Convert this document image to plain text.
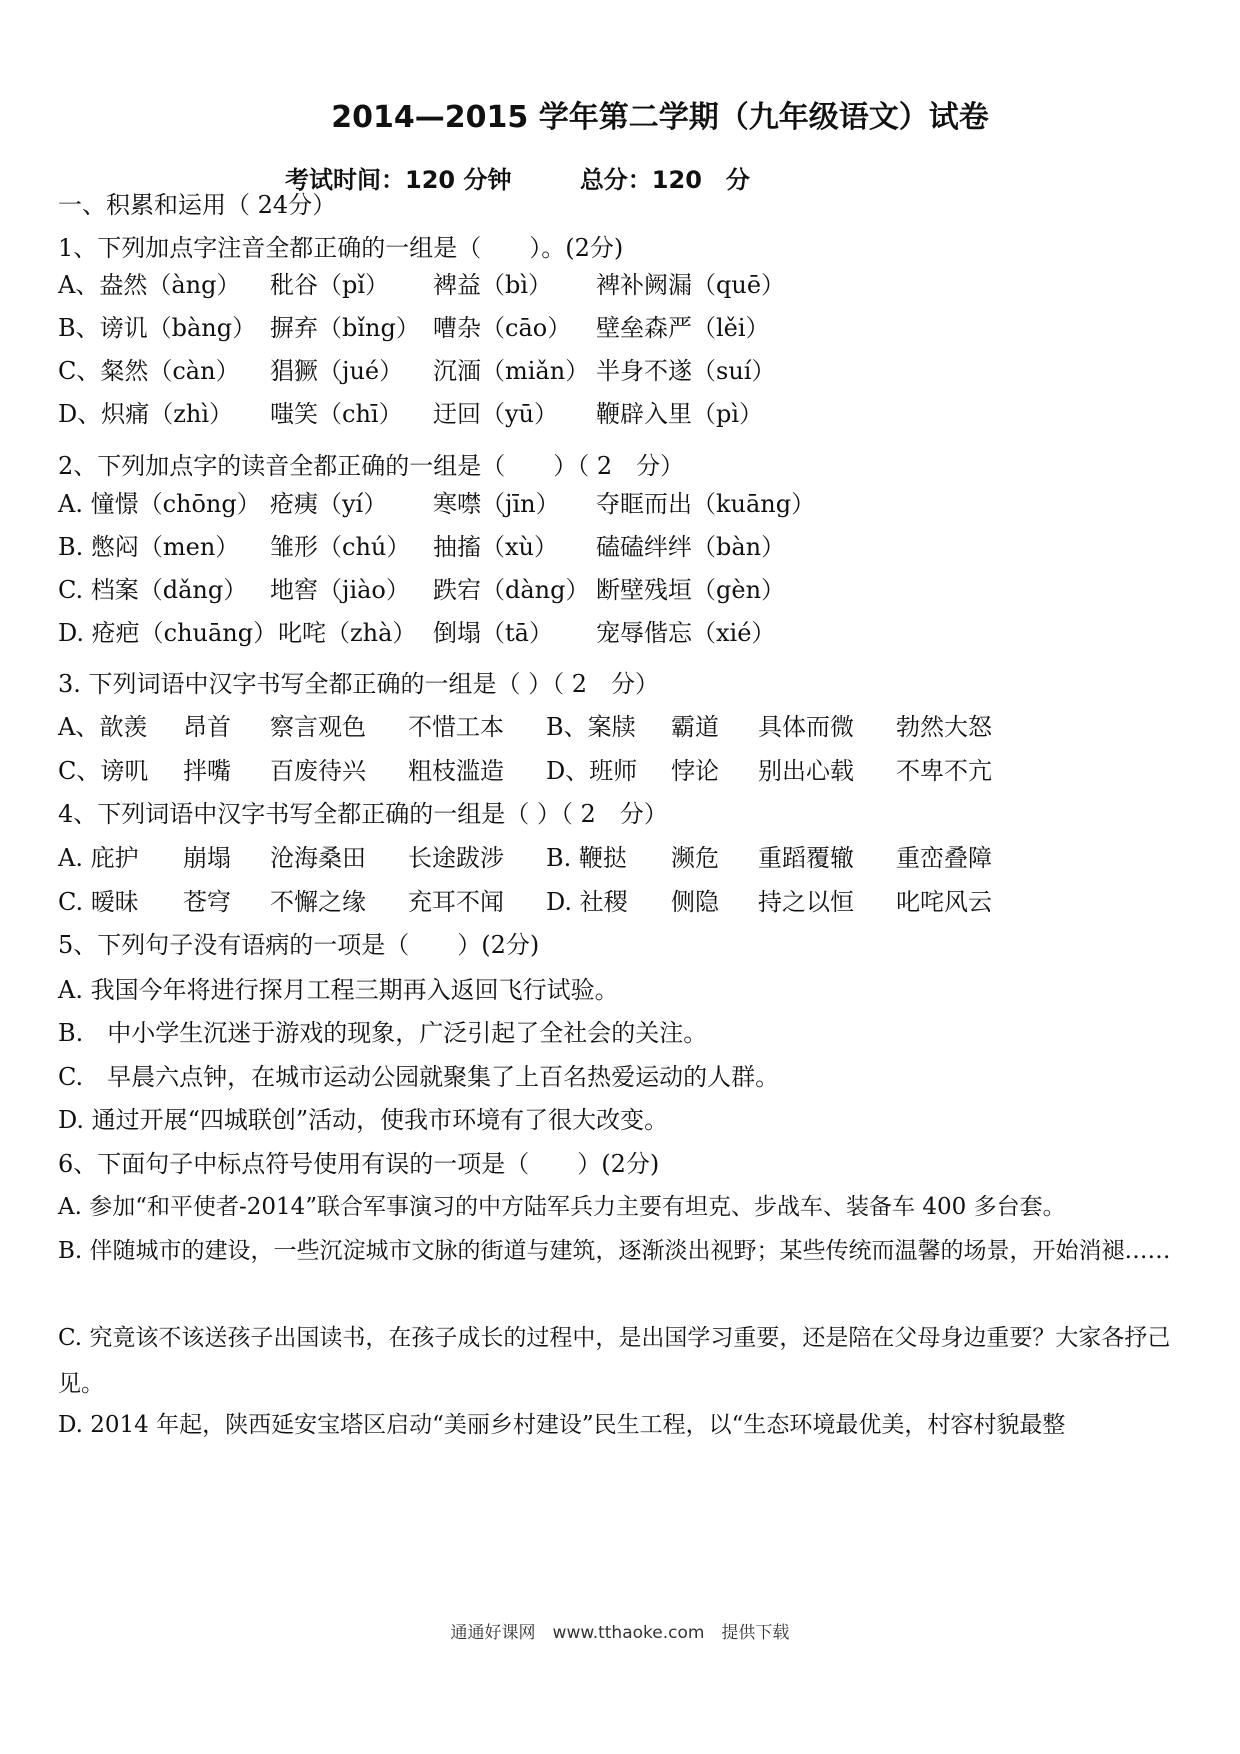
2014—2015 学年第二学期（九年级语文）试卷
考试时间：120 分钟	总分：120　分
一、积累和运用（ 24分）
1、下列加点字注音全都正确的一组是（　　）。(2分)
A、盎然（àng） 秕谷（pǐ） 裨益（bì） 裨补阙漏（quē）
B、谤讥（bàng） 摒弃（bǐng） 嘈杂（cāo） 壁垒森严（lěi）
C、粲然（càn） 猖獗（jué） 沉湎（miǎn） 半身不遂（suí）
D、炽痛（zhì） 嗤笑（chī） 迂回（yū） 鞭辟入里（pì）
2、下列加点字的读音全都正确的一组是（　　）（ 2　分）
A. 憧憬（chōng） 疮痍（yí） 寒噤（jīn） 夺眶而出（kuāng）
B. 憋闷（men） 雏形（chú） 抽搐（xù） 磕磕绊绊（bàn）
C. 档案（dǎng） 地窖（jiào） 跌宕（dàng） 断壁残垣（gèn）
D. 疮疤（chuāng） 叱咤（zhà） 倒塌（tā） 宠辱偕忘（xié）
3. 下列词语中汉字书写全都正确的一组是（ ）（ 2　分）
A、歆羡 昂首 察言观色 不惜工本 B、案牍 霸道 具体而微 勃然大怒
C、谤叽 拌嘴 百废待兴 粗枝滥造 D、班师 悖论 别出心载 不卑不亢
4、下列词语中汉字书写全都正确的一组是（ ）（ 2　分）
A. 庇护 崩塌 沧海桑田 长途跋涉 B. 鞭挞 濒危 重蹈覆辙 重峦叠障
C. 暧昧 苍穹 不懈之缘 充耳不闻 D. 社稷 侧隐 持之以恒 叱咤风云
5、下列句子没有语病的一项是（　　）(2分)
A. 我国今年将进行探月工程三期再入返回飞行试验。
B.　中小学生沉迷于游戏的现象，广泛引起了全社会的关注。
C.　早晨六点钟，在城市运动公园就聚集了上百名热爱运动的人群。
D. 通过开展“四城联创”活动，使我市环境有了很大改变。
6、下面句子中标点符号使用有误的一项是（　　）(2分)
A. 参加“和平使者-2014”联合军事演习的中方陆军兵力主要有坦克、步战车、装备车 400 多台套。
B. 伴随城市的建设，一些沉淀城市文脉的街道与建筑，逐渐淡出视野；某些传统而温馨的场景，开始消褪……
C. 究竟该不该送孩子出国读书，在孩子成长的过程中，是出国学习重要，还是陪在父母身边重要？大家各抒己见。
D. 2014 年起，陕西延安宝塔区启动“美丽乡村建设”民生工程，以“生态环境最优美，村容村貌最整
通通好课网　www.tthaoke.com　提供下载
